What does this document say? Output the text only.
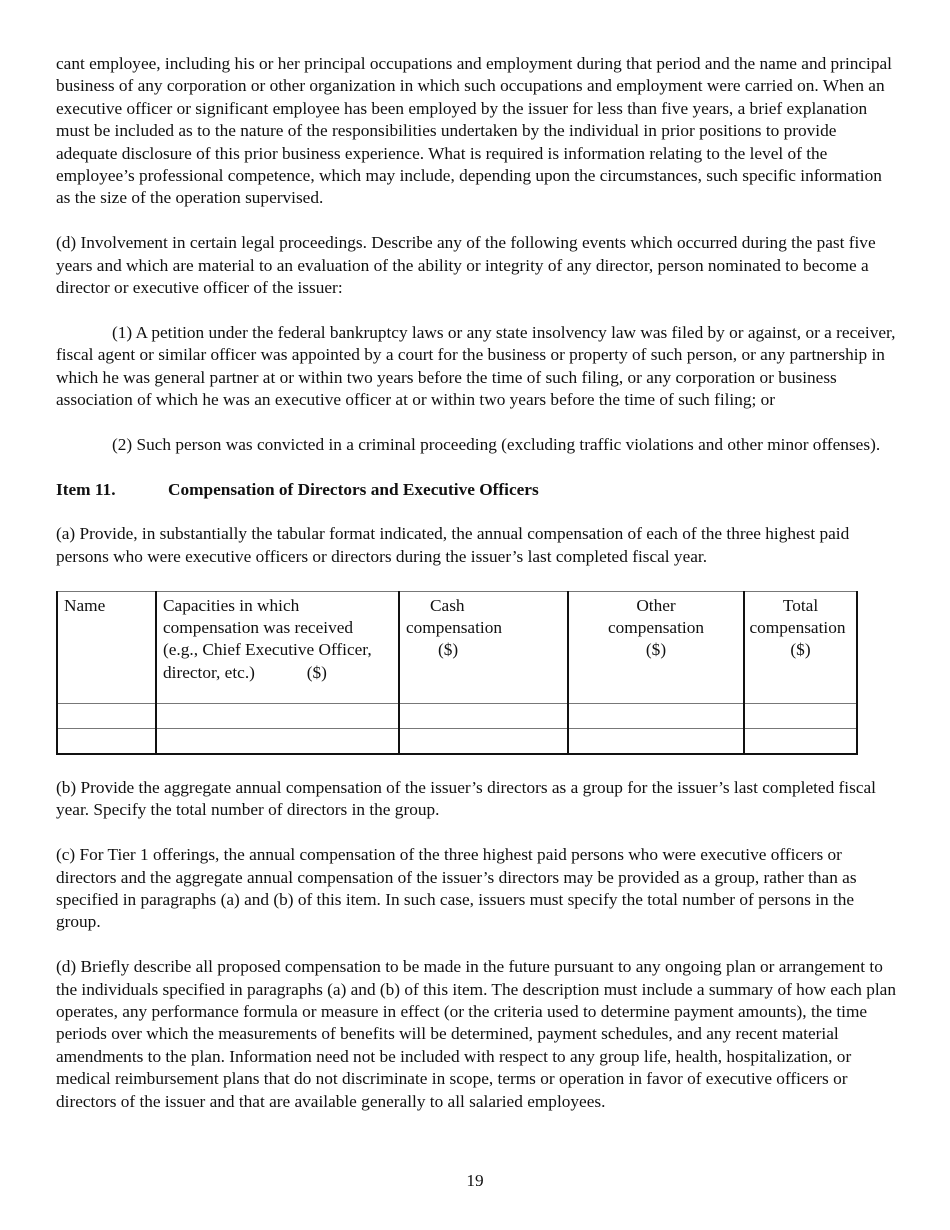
cant employee, including his or her principal occupations and employment during that period and the name and principal business of any corporation or other organization in which such occupations and employment were carried on. When an executive officer or significant employee has been employed by the issuer for less than five years, a brief explanation must be included as to the nature of the responsibilities undertaken by the individual in prior positions to provide adequate disclosure of this prior business experience. What is required is information relating to the level of the employee’s professional competence, which may include, depending upon the circumstances, such specific information as the size of the operation supervised.

(d) Involvement in certain legal proceedings. Describe any of the following events which occurred during the past five years and which are material to an evaluation of the ability or integrity of any director, person nominated to become a director or executive officer of the issuer:

(1) A petition under the federal bankruptcy laws or any state insolvency law was filed by or against, or a receiver, fiscal agent or similar officer was appointed by a court for the business or property of such person, or any partnership in which he was general partner at or within two years before the time of such filing, or any corporation or business association of which he was an executive officer at or within two years before the time of such filing; or

(2) Such person was convicted in a criminal proceeding (excluding traffic violations and other minor offenses).

Item 11.	Compensation of Directors and Executive Officers

(a) Provide, in substantially the tabular format indicated, the annual compensation of each of the three highest paid persons who were executive officers or directors during the issuer’s last completed fiscal year.

Name	Capacities in which
compensation was received
(e.g., Chief Executive Officer,
director, etc.)            ($)	Cash
compensation
($)	Other
compensation
($)	Total
compensation
($)

(b) Provide the aggregate annual compensation of the issuer’s directors as a group for the issuer’s last completed fiscal year. Specify the total number of directors in the group.

(c) For Tier 1 offerings, the annual compensation of the three highest paid persons who were executive officers or directors and the aggregate annual compensation of the issuer’s directors may be provided as a group, rather than as specified in paragraphs (a) and (b) of this item. In such case, issuers must specify the total number of persons in the group.

(d) Briefly describe all proposed compensation to be made in the future pursuant to any ongoing plan or arrangement to the individuals specified in paragraphs (a) and (b) of this item. The description must include a summary of how each plan operates, any performance formula or measure in effect (or the criteria used to determine payment amounts), the time periods over which the measurements of benefits will be determined, payment schedules, and any recent material amendments to the plan. Information need not be included with respect to any group life, health, hospitalization, or medical reimbursement plans that do not discriminate in scope, terms or operation in favor of executive officers or directors of the issuer and that are available generally to all salaried employees.

19
